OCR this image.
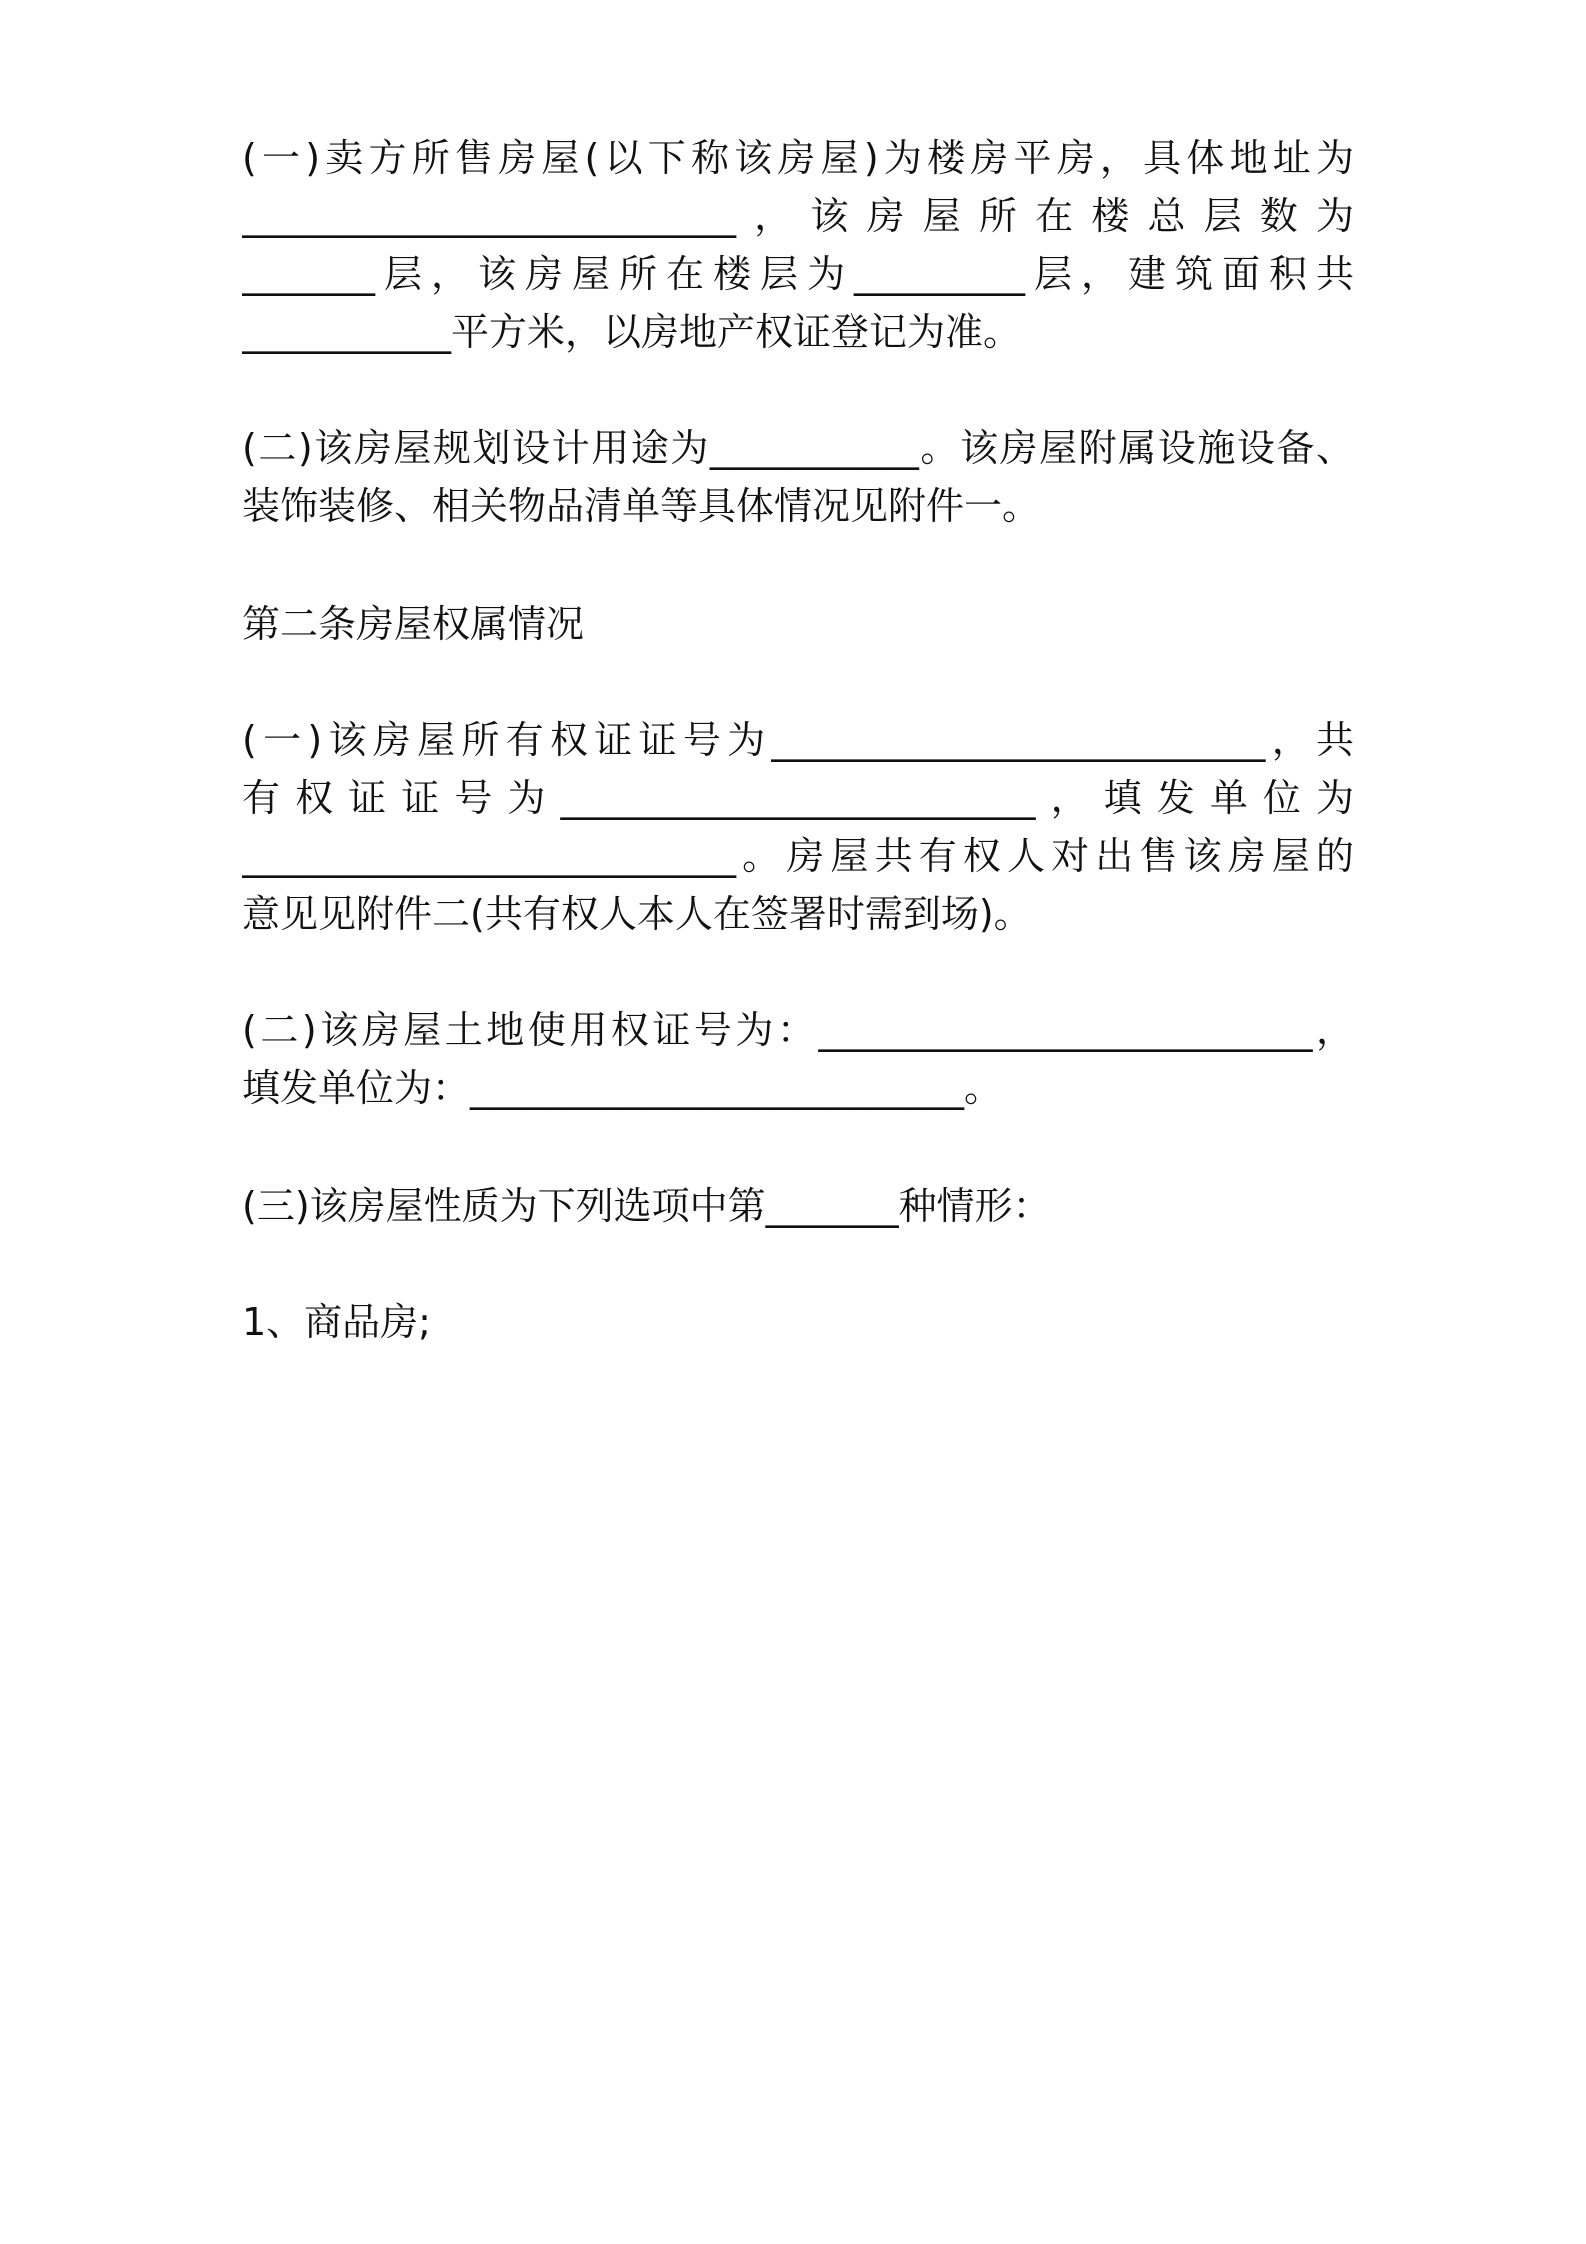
(一)卖方所售房屋(以下称该房屋)为楼房平房，具体地址为
__________________________，该房屋所在楼总层数为
_______层，该房屋所在楼层为_________层，建筑面积共
___________平方米，以房地产权证登记为准。
(二)该房屋规划设计用途为___________。该房屋附属设施设备、
装饰装修、相关物品清单等具体情况见附件一。
第二条房屋权属情况
(一)该房屋所有权证证号为__________________________，共
有权证证号为_________________________，填发单位为
__________________________。房屋共有权人对出售该房屋的
意见见附件二(共有权人本人在签署时需到场)。
(二)该房屋土地使用权证号为：__________________________，
填发单位为：__________________________。
(三)该房屋性质为下列选项中第_______种情形：
1、商品房;
